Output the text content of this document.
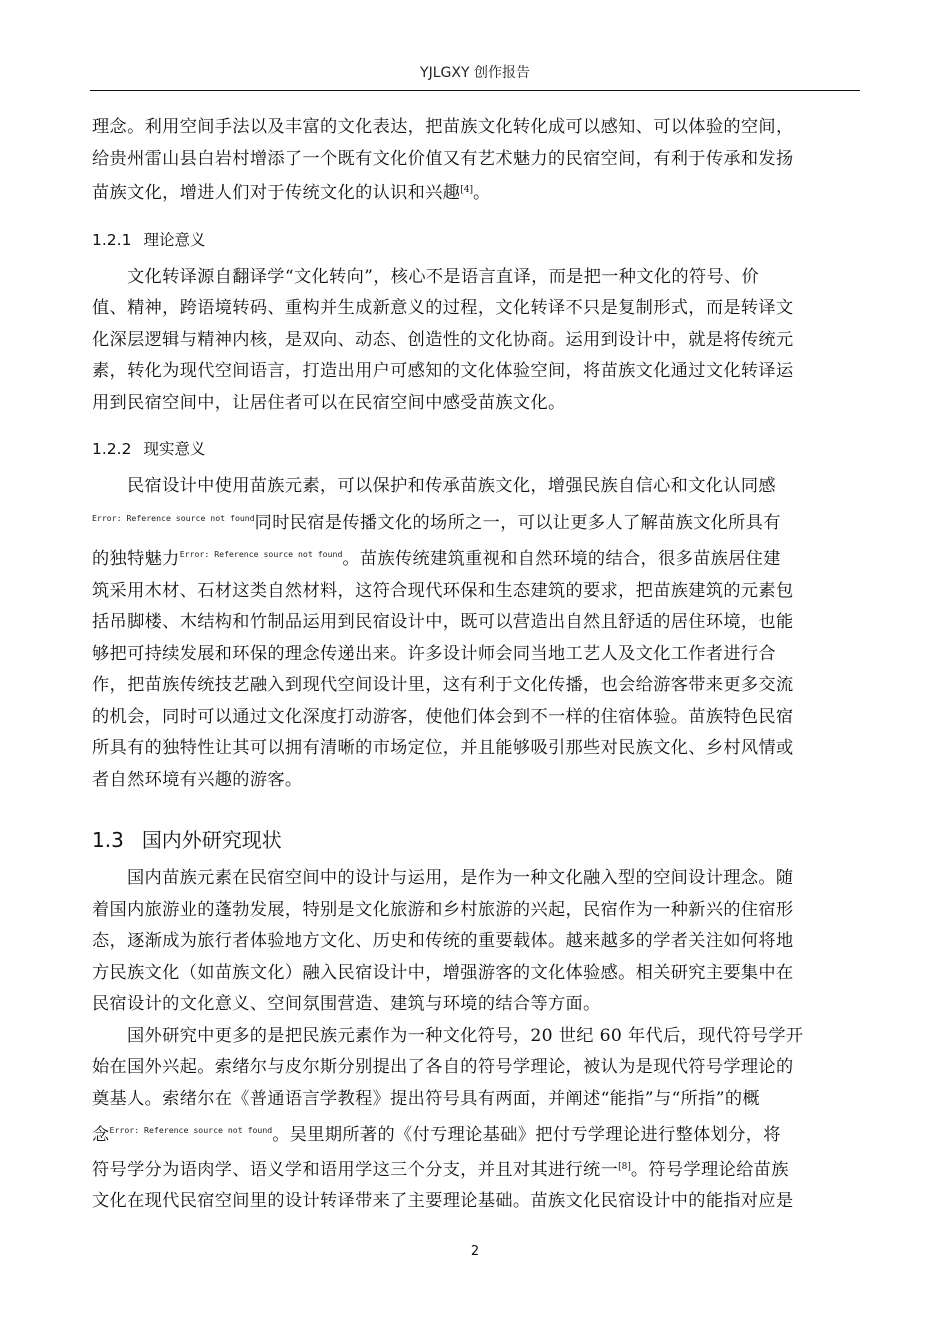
YJLGXY 创作报告

理念。利用空间手法以及丰富的文化表达，把苗族文化转化成可以感知、可以体验的空间，

给贵州雷山县白岩村增添了一个既有文化价值又有艺术魅力的民宿空间，有利于传承和发扬

苗族文化，增进人们对于传统文化的认识和兴趣[4]。

1.2.1 理论意义

文化转译源自翻译学“文化转向”，核心不是语言直译，而是把一种文化的符号、价

值、精神，跨语境转码、重构并生成新意义的过程，文化转译不只是复制形式，而是转译文

化深层逻辑与精神内核，是双向、动态、创造性的文化协商。运用到设计中，就是将传统元

素，转化为现代空间语言，打造出用户可感知的文化体验空间，将苗族文化通过文化转译运

用到民宿空间中，让居住者可以在民宿空间中感受苗族文化。

1.2.2 现实意义

民宿设计中使用苗族元素，可以保护和传承苗族文化，增强民族自信心和文化认同感

$^{Error: Reference source not found}$同时民宿是传播文化的场所之一，可以让更多人了解苗族文化所具有

的独特魅力$^{Error: Reference source not found}$。苗族传统建筑重视和自然环境的结合，很多苗族居住建

筑采用木材、石材这类自然材料，这符合现代环保和生态建筑的要求，把苗族建筑的元素包

括吊脚楼、木结构和竹制品运用到民宿设计中，既可以营造出自然且舒适的居住环境，也能

够把可持续发展和环保的理念传递出来。许多设计师会同当地工艺人及文化工作者进行合

作，把苗族传统技艺融入到现代空间设计里，这有利于文化传播，也会给游客带来更多交流

的机会，同时可以通过文化深度打动游客，使他们体会到不一样的住宿体验。苗族特色民宿

所具有的独特性让其可以拥有清晰的市场定位，并且能够吸引那些对民族文化、乡村风情或

者自然环境有兴趣的游客。

1.3 国内外研究现状

国内苗族元素在民宿空间中的设计与运用，是作为一种文化融入型的空间设计理念。随

着国内旅游业的蓬勃发展，特别是文化旅游和乡村旅游的兴起，民宿作为一种新兴的住宿形

态，逐渐成为旅行者体验地方文化、历史和传统的重要载体。越来越多的学者关注如何将地

方民族文化（如苗族文化）融入民宿设计中，增强游客的文化体验感。相关研究主要集中在

民宿设计的文化意义、空间氛围营造、建筑与环境的结合等方面。

国外研究中更多的是把民族元素作为一种文化符号，20 世纪 60 年代后，现代符号学开

始在国外兴起。索绪尔与皮尔斯分别提出了各自的符号学理论，被认为是现代符号学理论的

奠基人。索绪尔在《普通语言学教程》提出符号具有两面，并阐述“能指”与“所指”的概

念$^{Error: Reference source not found}$。吴里期所著的《付亐理论基础》把付亐学理论进行整体划分，将

符号学分为语肉学、语义学和语用学这三个分支，并且对其进行统一[8]。符号学理论给苗族

文化在现代民宿空间里的设计转译带来了主要理论基础。苗族文化民宿设计中的能指对应是

2
